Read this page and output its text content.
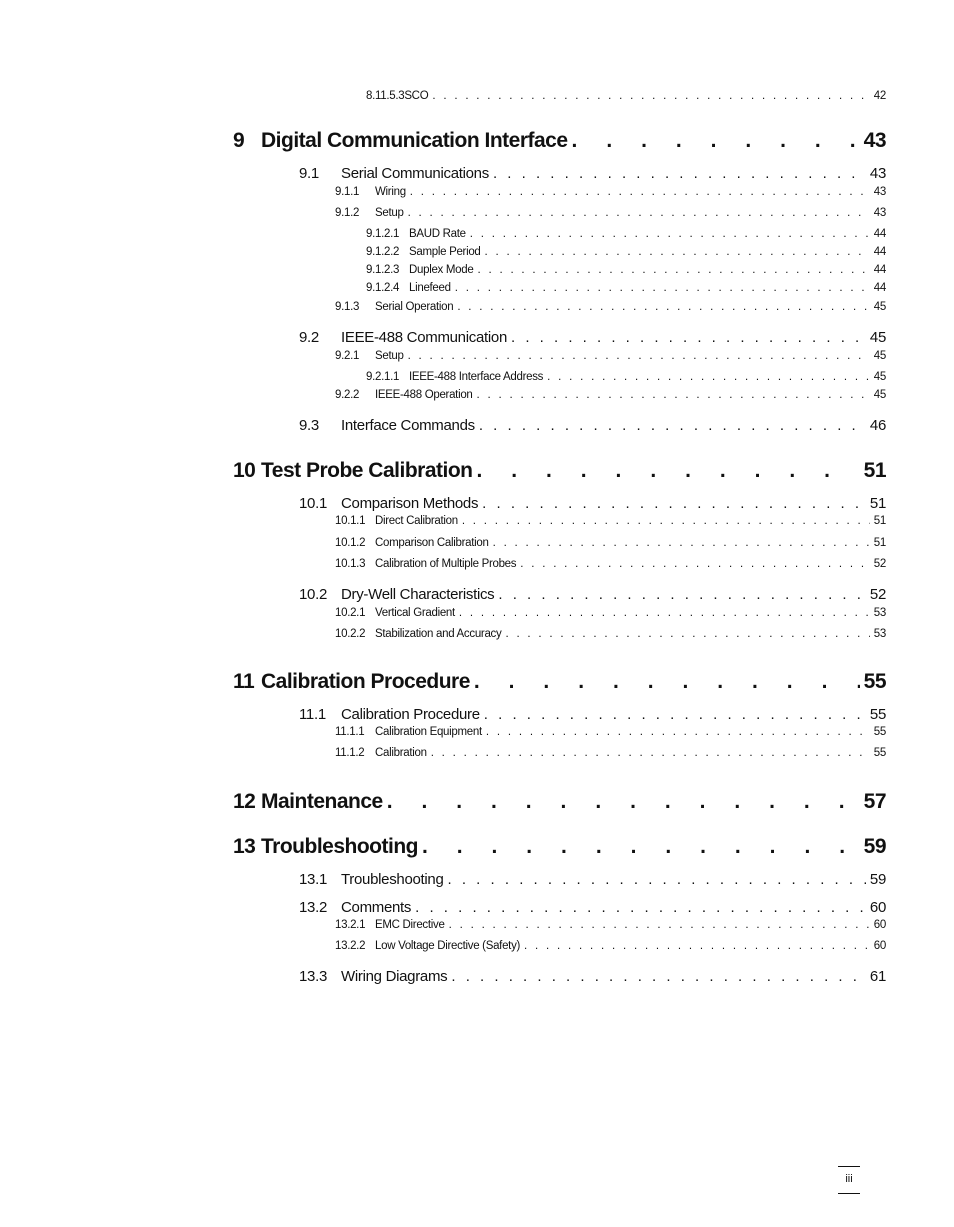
8.11.5.3 SCO . . .	42
9 Digital Communication Interface . . .	43
9.1	Serial Communications . . .	43
9.1.1	Wiring . . .	43
9.1.2	Setup . . .	43
9.1.2.1 BAUD Rate . . .	44
9.1.2.2 Sample Period . . .	44
9.1.2.3 Duplex Mode . . .	44
9.1.2.4 Linefeed . . .	44
9.1.3	Serial Operation . . .	45
9.2	IEEE-488 Communication . . .	45
9.2.1	Setup . . .	45
9.2.1.1 IEEE-488 Interface Address . . .	45
9.2.2	IEEE-488 Operation . . .	45
9.3	Interface Commands . . .	46
10 Test Probe Calibration . . .	51
10.1 Comparison Methods . . .	51
10.1.1 Direct Calibration . . .	51
10.1.2 Comparison Calibration . . .	51
10.1.3 Calibration of Multiple Probes . . .	52
10.2 Dry-Well Characteristics . . .	52
10.2.1 Vertical Gradient . . .	53
10.2.2 Stabilization and Accuracy . . .	53
11 Calibration Procedure . . .	55
11.1	Calibration Procedure . . .	55
11.1.1 Calibration Equipment . . .	55
11.1.2 Calibration . . .	55
12 Maintenance . . .	57
13 Troubleshooting . . .	59
13.1 Troubleshooting . . .	59
13.2 Comments . . .	60
13.2.1 EMC Directive . . .	60
13.2.2 Low Voltage Directive (Safety) . . .	60
13.3 Wiring Diagrams . . .	61
iii
